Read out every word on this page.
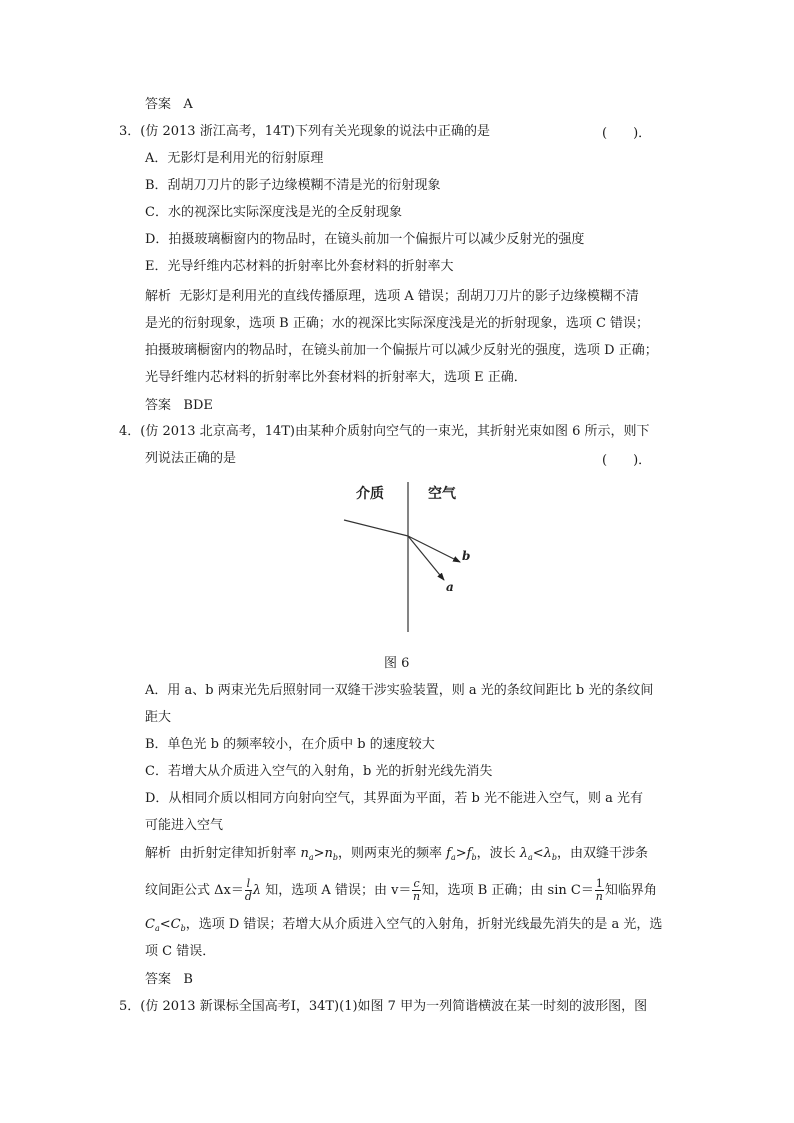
答案 A
3．(仿 2013 浙江高考，14T)下列有关光现象的说法中正确的是	(　　)．
A．无影灯是利用光的衍射原理
B．刮胡刀刀片的影子边缘模糊不清是光的衍射现象
C．水的视深比实际深度浅是光的全反射现象
D．拍摄玻璃橱窗内的物品时，在镜头前加一个偏振片可以减少反射光的强度
E．光导纤维内芯材料的折射率比外套材料的折射率大
解析 无影灯是利用光的直线传播原理，选项 A 错误；刮胡刀刀片的影子边缘模糊不清
是光的衍射现象，选项 B 正确；水的视深比实际深度浅是光的折射现象，选项 C 错误；
拍摄玻璃橱窗内的物品时，在镜头前加一个偏振片可以减少反射光的强度，选项 D 正确；
光导纤维内芯材料的折射率比外套材料的折射率大，选项 E 正确．
答案 BDE
4．(仿 2013 北京高考，14T)由某种介质射向空气的一束光，其折射光束如图 6 所示，则下
列说法正确的是	(　　)．
介质	空气
b
a
图 6
A．用 a、b 两束光先后照射同一双缝干涉实验装置，则 a 光的条纹间距比 b 光的条纹间
距大
B．单色光 b 的频率较小，在介质中 b 的速度较大
C．若增大从介质进入空气的入射角，b 光的折射光线先消失
D．从相同介质以相同方向射向空气，其界面为平面，若 b 光不能进入空气，则 a 光有
可能进入空气
解析 由折射定律知折射率 $n_a>n_b$，则两束光的频率 $f_a>f_b$，波长 $\lambda_a<\lambda_b$，由双缝干涉条
纹间距公式 $\Delta x= \frac{l}{d}$ λ 知，选项 A 错误；由 $v= \frac{c}{n}$ 知，选项 B 正确；由 $\sin C= \frac{1}{n}$ 知临界角
$C_a<C_b$，选项 D 错误；若增大从介质进入空气的入射角，折射光线最先消失的是 a 光，选
项 C 错误．
答案 B
5．(仿 2013 新课标全国高考Ⅰ，34T)(1)如图 7 甲为一列简谐横波在某一时刻的波形图，图
